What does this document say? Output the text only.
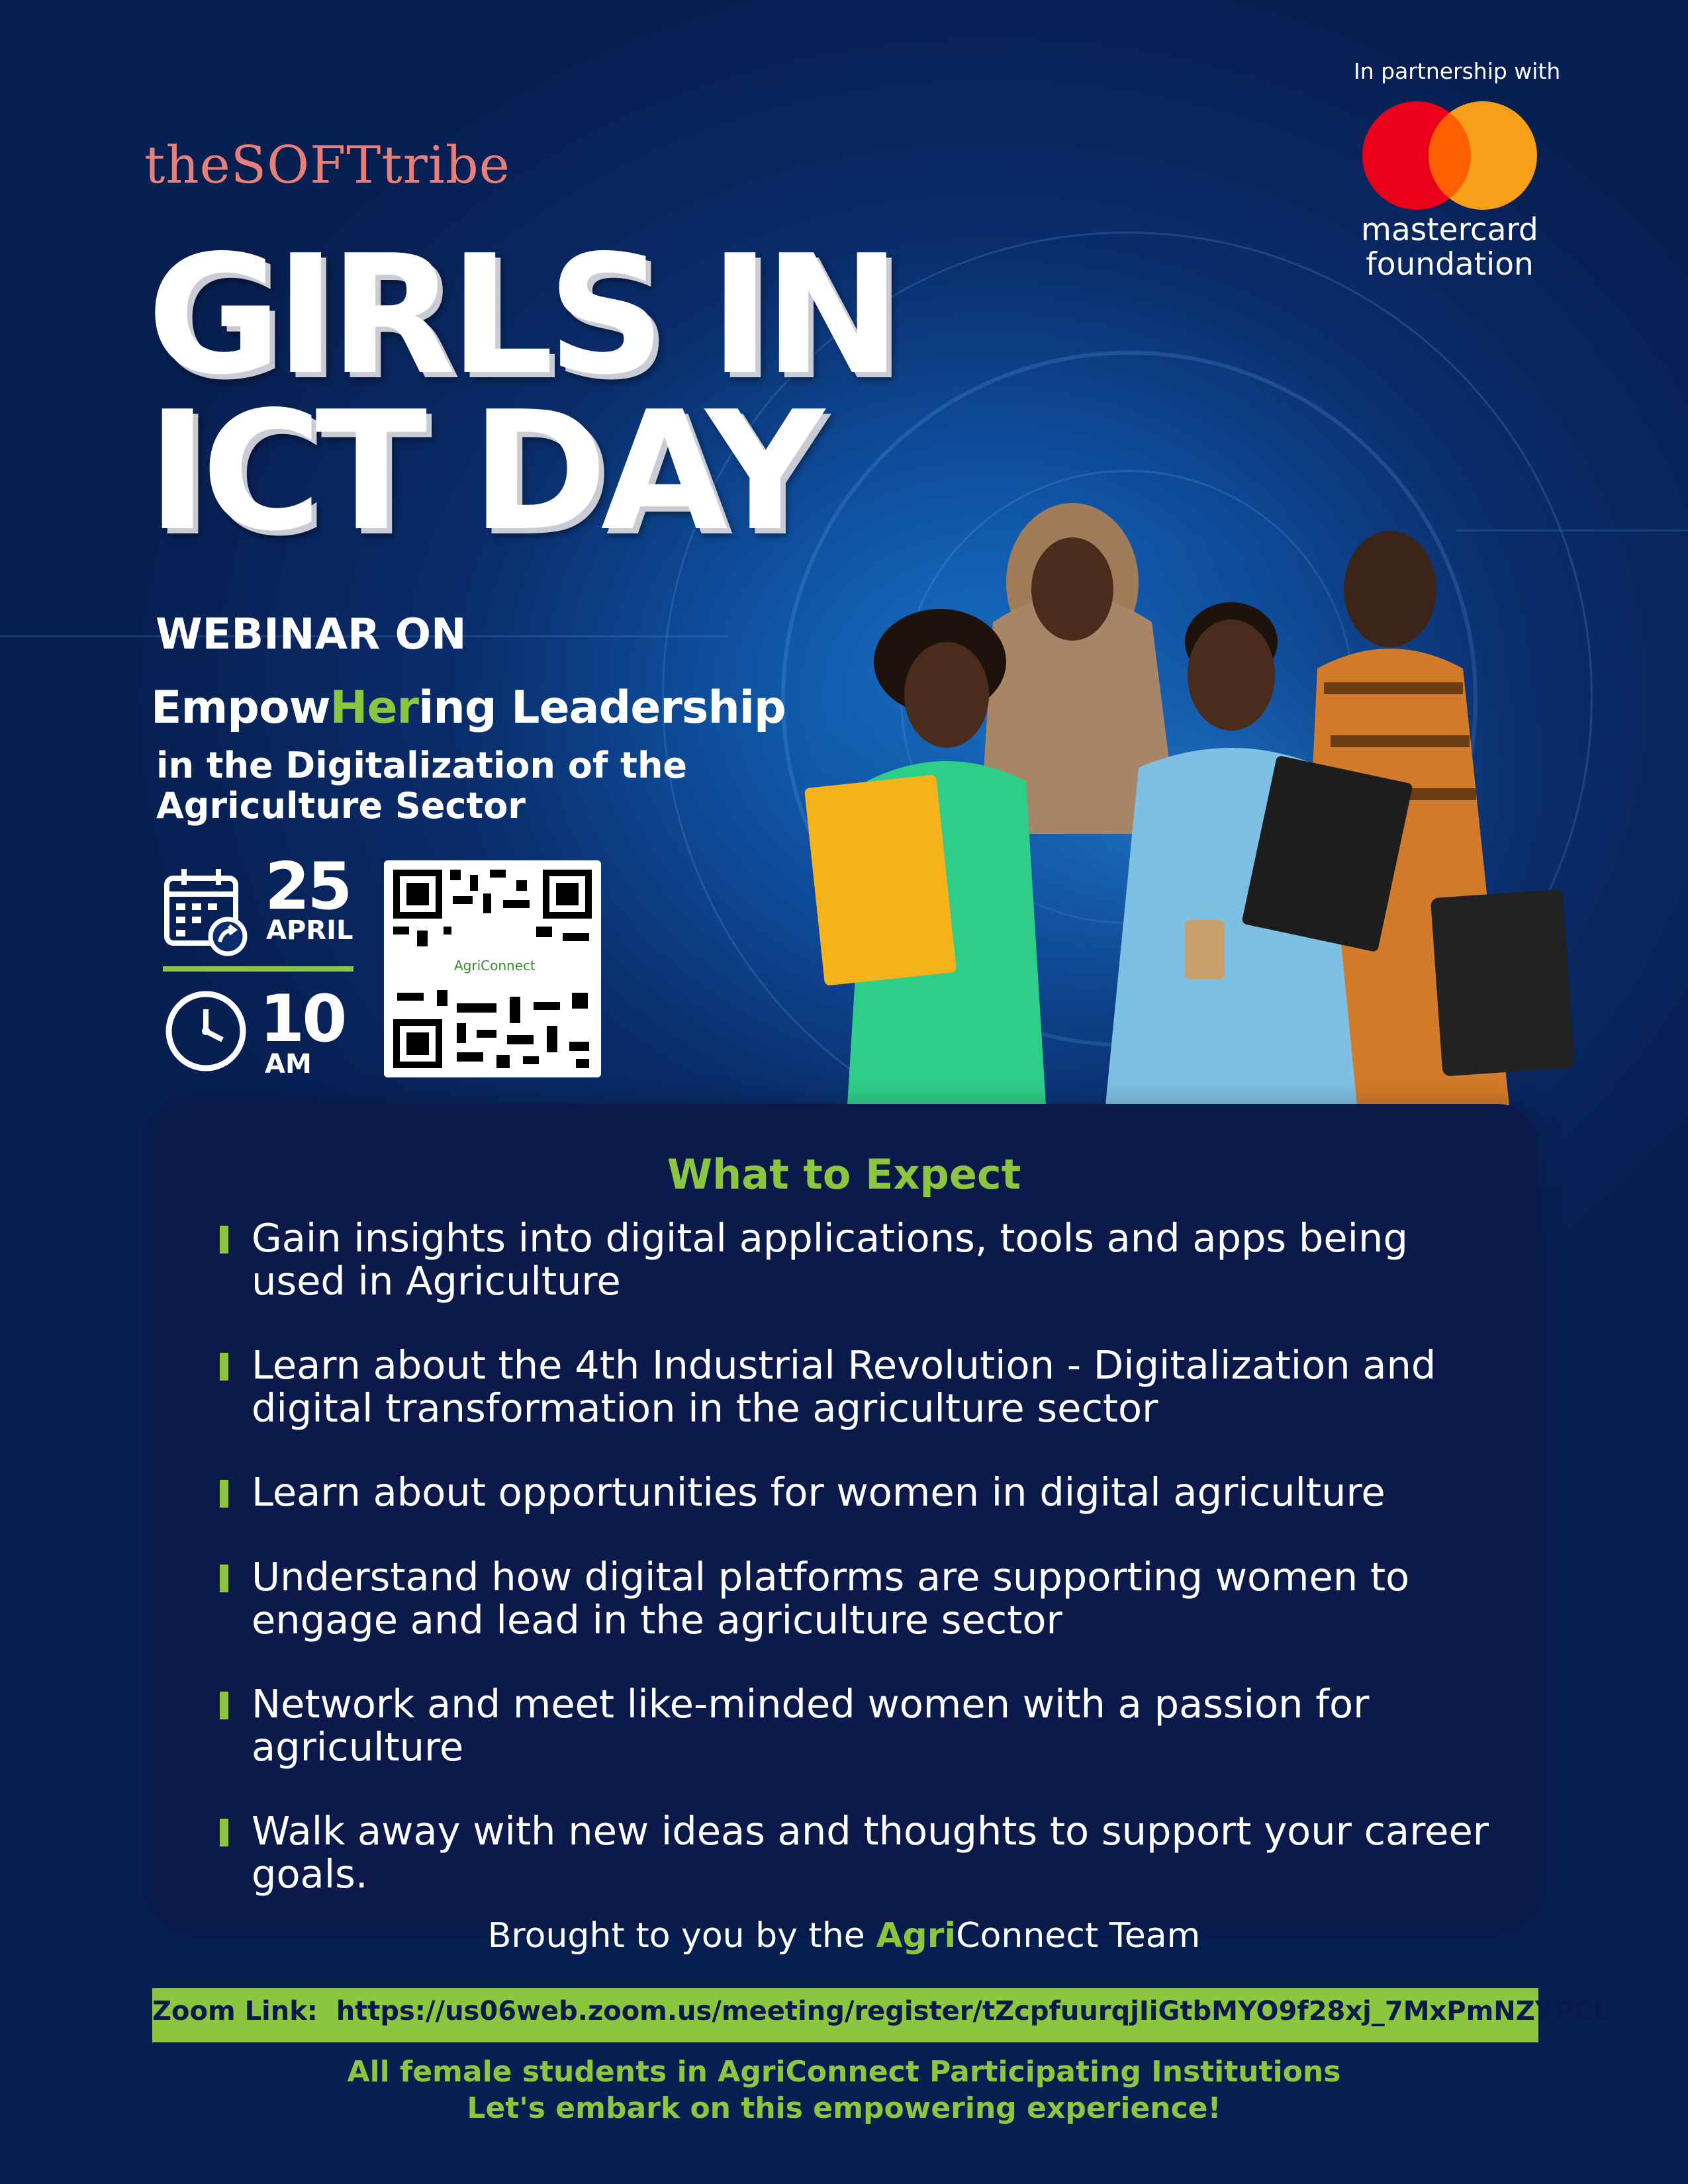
theSOFTtribe
In partnership with
mastercard
foundation
GIRLS IN
ICT DAY
WEBINAR ON
EmpowHering Leadership
in the Digitalization of the
Agriculture Sector
25
APRIL
10
AM
AgriConnect
What to Expect
Gain insights into digital applications, tools and apps being used in Agriculture
Learn about the 4th Industrial Revolution - Digitalization and digital transformation in the agriculture sector
Learn about opportunities for women in digital agriculture
Understand how digital platforms are supporting women to engage and lead in the agriculture sector
Network and meet like-minded women with a passion for agriculture
Walk away with new ideas and thoughts to support your career goals.
Brought to you by the AgriConnect Team
Zoom Link: https://us06web.zoom.us/meeting/register/tZcpfuurqjIiGtbMYO9f28xj_7MxPmNZYPCL
All female students in AgriConnect Participating Institutions
Let's embark on this empowering experience!
